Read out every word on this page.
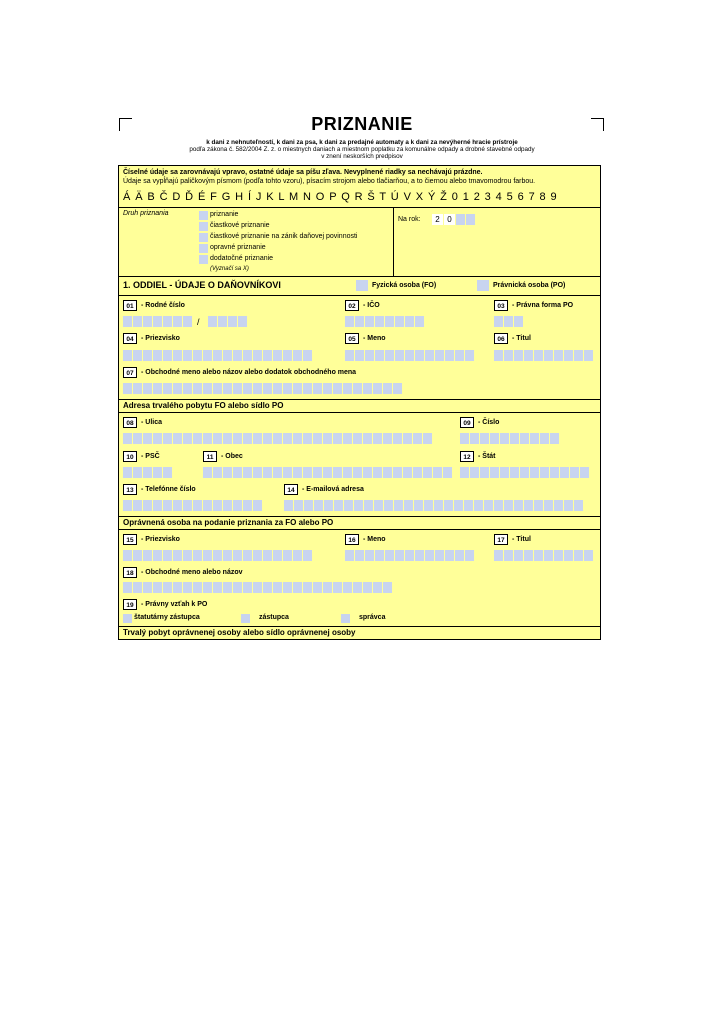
PRIZNANIE
k dani z nehnuteľností, k dani za psa, k dani za predajné automaty a k dani za nevýherné hracie prístroje
podľa zákona č. 582/2004 Z. z. o miestnych daniach a miestnom poplatku za komunálne odpady a drobné stavebné odpady
v znení neskorších predpisov
Číselné údaje sa zarovnávajú vpravo, ostatné údaje sa píšu zľava. Nevyplnené riadky sa nechávajú prázdne.
Údaje sa vypĺňajú paličkovým písmom (podľa tohto vzoru), písacím strojom alebo tlačiarňou, a to čiernou alebo tmavomodrou farbou.
Á Ä B Č D Ď É F G H Í J K L M N O P Q R Š T Ú V X Ý Ž 0 1 2 3 4 5 6 7 8 9
Druh priznania	priznanie
čiastkové priznanie
čiastkové priznanie na zánik daňovej povinnosti
opravné priznanie
dodatočné priznanie
(Vyznačí sa X)
Na rok:	2 0
1. ODDIEL - ÚDAJE O DAŇOVNÍKOVI	Fyzická osoba (FO)	Právnická osoba (PO)
01	- Rodné číslo
/
02	- IČO	03	- Právna forma PO
04	- Priezvisko	05	- Meno	06	- Titul
07	- Obchodné meno alebo názov alebo dodatok obchodného mena
Adresa trvalého pobytu FO alebo sídlo PO
08	- Ulica	09	- Číslo
10	- PSČ	11	- Obec	12	- Štát
13	- Telefónne číslo	14	- E-mailová adresa
Oprávnená osoba na podanie priznania za FO alebo PO
15	- Priezvisko	16	- Meno	17	- Titul
18	- Obchodné meno alebo názov
19	- Právny vzťah k PO
štatutárny zástupca	zástupca	správca
Trvalý pobyt oprávnenej osoby alebo sídlo oprávnenej osoby
